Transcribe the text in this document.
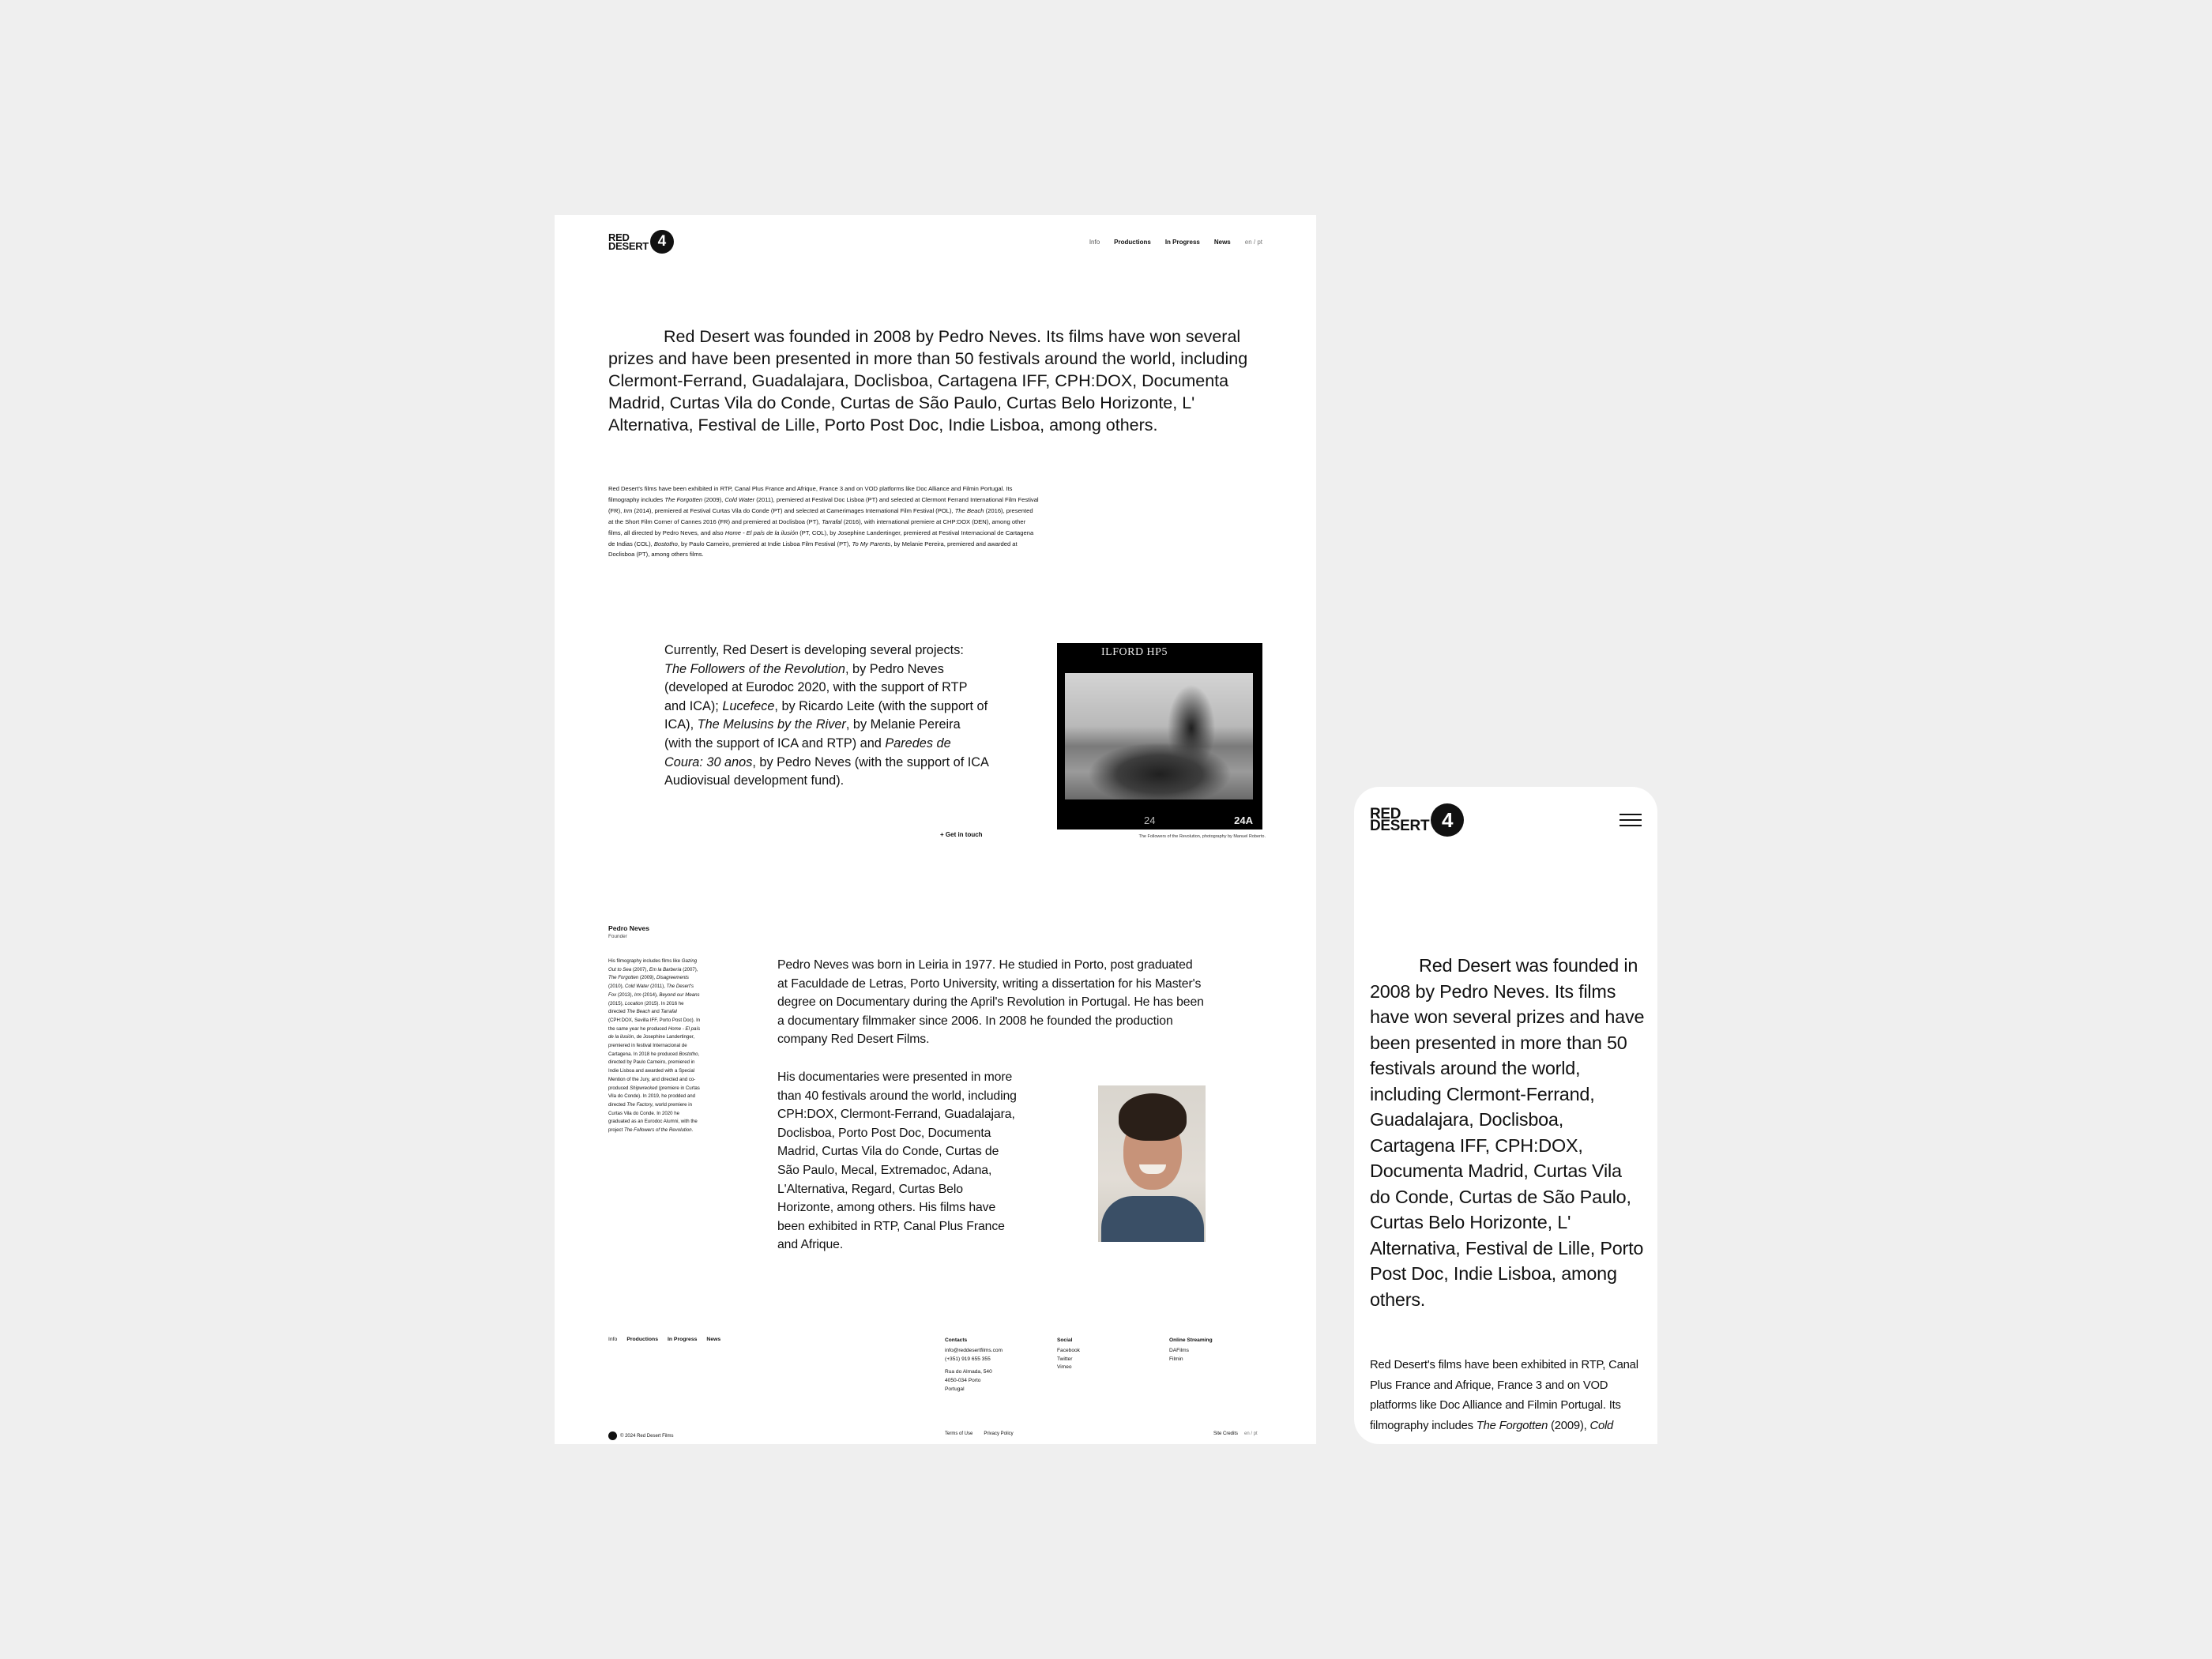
RED
DESERT 4	Info Productions In Progress News en / pt

Red Desert was founded in 2008 by Pedro Neves. Its films have won several prizes and have been presented in more than 50 festivals around the world, including Clermont-Ferrand, Guadalajara, Doclisboa, Cartagena IFF, CPH:DOX, Documenta Madrid, Curtas Vila do Conde, Curtas de São Paulo, Curtas Belo Horizonte, L' Alternativa, Festival de Lille, Porto Post Doc, Indie Lisboa, among others.

Red Desert's films have been exhibited in RTP, Canal Plus France and Afrique, France 3 and on VOD platforms like Doc Alliance and Filmin Portugal. Its filmography includes The Forgotten (2009), Cold Water (2011), premiered at Festival Doc Lisboa (PT) and selected at Clermont Ferrand International Film Festival (FR), Irm (2014), premiered at Festival Curtas Vila do Conde (PT) and selected at Camerimages International Film Festival (POL), The Beach (2016), presented at the Short Film Corner of Cannes 2016 (FR) and premiered at Doclisboa (PT), Tarrafal (2016), with international premiere at CHP:DOX (DEN), among other films, all directed by Pedro Neves, and also Home - El país de la ilusión (PT, COL), by Josephine Landertinger, premiered at Festival Internacional de Cartagena de Indias (COL), Bostotho, by Paulo Carneiro, premiered at Indie Lisboa Film Festival (PT), To My Parents, by Melanie Pereira, premiered and awarded at Doclisboa (PT), among others films.

Currently, Red Desert is developing several projects: The Followers of the Revolution, by Pedro Neves (developed at Eurodoc 2020, with the support of RTP and ICA); Lucefece, by Ricardo Leite (with the support of ICA), The Melusins by the River, by Melanie Pereira (with the support of ICA and RTP) and Paredes de Coura: 30 anos, by Pedro Neves (with the support of ICA Audiovisual development fund).

+ Get in touch
ILFORD HP5
24	24A

The Followers of the Revolution, photography by Manuel Roberto.

Pedro Neves

Founder

His filmography includes films like Gazing Out to Sea (2007), Em la Barbería (2007), The Forgotten (2009), Disagreements (2010), Cold Water (2011), The Desert's Fox (2013), Irm (2014), Beyond our Means (2015), Location (2015). In 2016 he directed The Beach and Tarrafal (CPH:DOX, Sevilla IFF, Porto Post Doc). In the same year he produced Home - El país de la ilusión, de Josephine Landertinger, premiered in festival Internacional de Cartagena. In 2018 he produced Bostotho, directed by Paulo Carneiro, premiered in Indie Lisboa and awarded with a Special Mention of the Jury, and directed and co-produced Shipwrecked (premiere in Curtas Vila do Conde). In 2019, he prodded and directed The Factory, world premiere in Curtas Vila do Conde. In 2020 he graduated as an Eurodoc Alumni, with the project The Followers of the Revolution.

Pedro Neves was born in Leiria in 1977. He studied in Porto, post graduated at Faculdade de Letras, Porto University, writing a dissertation for his Master's degree on Documentary during the April's Revolution in Portugal. He has been a documentary filmmaker since 2006. In 2008 he founded the production company Red Desert Films.

His documentaries were presented in more than 40 festivals around the world, including CPH:DOX, Clermont-Ferrand, Guadalajara, Doclisboa, Porto Post Doc, Documenta Madrid, Curtas Vila do Conde, Curtas de São Paulo, Mecal, Extremadoc, Adana, L'Alternativa, Regard, Curtas Belo Horizonte, among others. His films have been exhibited in RTP, Canal Plus France and Afrique.

Info Productions In Progress News	Contacts
info@reddesertfilms.com
(+351) 919 655 355
Rua do Almada, 540
4050-034 Porto
Portugal
Social
Facebook
Twitter
Vimeo
Online Streaming
DAFilms
Filmin
© 2024 Red Desert Films	Terms of Use Privacy Policy	Site Credits en / pt
RED
DESERT 4

Red Desert was founded in 2008 by Pedro Neves. Its films have won several prizes and have been presented in more than 50 festivals around the world, including Clermont-Ferrand, Guadalajara, Doclisboa, Cartagena IFF, CPH:DOX, Documenta Madrid, Curtas Vila do Conde, Curtas de São Paulo, Curtas Belo Horizonte, L' Alternativa, Festival de Lille, Porto Post Doc, Indie Lisboa, among others.

Red Desert's films have been exhibited in RTP, Canal Plus France and Afrique, France 3 and on VOD platforms like Doc Alliance and Filmin Portugal. Its filmography includes The Forgotten (2009), Cold
